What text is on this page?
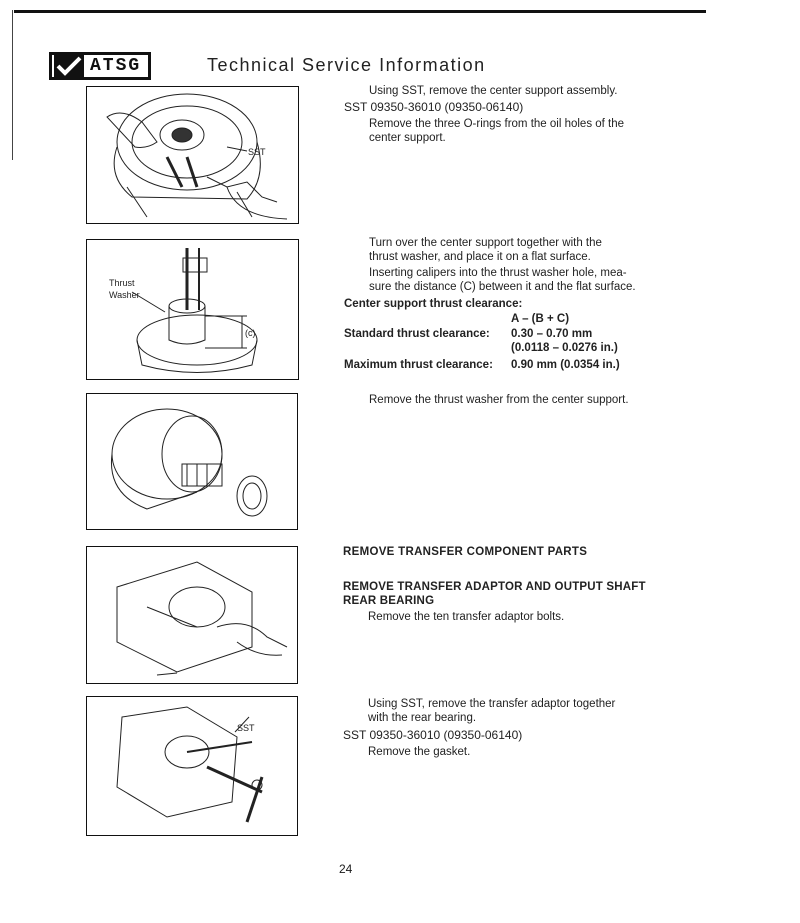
ATSG	Technical Service Information
SST
Thrust
Washer
(c)
SST
Using SST, remove the center support assembly.
SST 09350-36010 (09350-06140)
Remove the three O-rings from the oil holes of the
center support.
Turn over the center support together with the
thrust washer, and place it on a flat surface.
Inserting calipers into the thrust washer hole, mea-
sure the distance (C) between it and the flat surface.
Center support thrust clearance:
A – (B + C)
Standard thrust clearance: 0.30 – 0.70 mm
(0.0118 – 0.0276 in.)
Maximum thrust clearance: 0.90 mm (0.0354 in.)
Remove the thrust washer from the center support.
REMOVE TRANSFER COMPONENT PARTS
REMOVE TRANSFER ADAPTOR AND OUTPUT SHAFT
REAR BEARING
Remove the ten transfer adaptor bolts.
Using SST, remove the transfer adaptor together
with the rear bearing.
SST 09350-36010 (09350-06140)
Remove the gasket.
24
